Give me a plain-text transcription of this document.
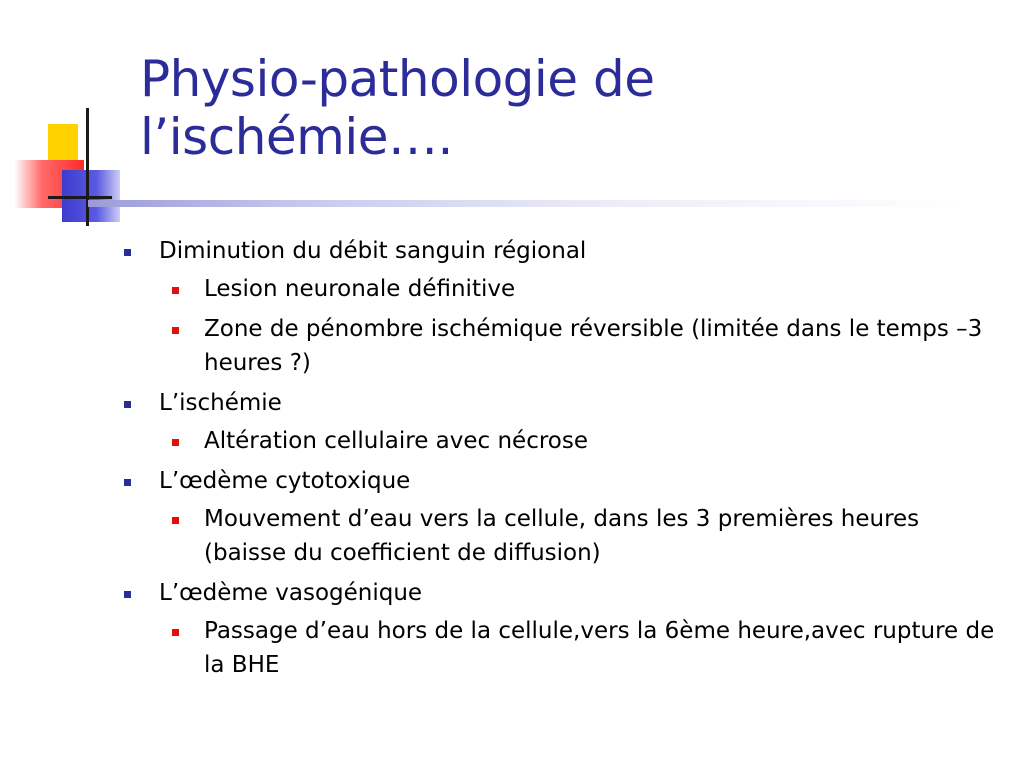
Physio-pathologie de
l’ischémie….
Diminution du débit sanguin régional
Lesion neuronale définitive
Zone de pénombre ischémique réversible (limitée dans le temps –3 heures ?)
L’ischémie
Altération cellulaire avec nécrose
L’œdème cytotoxique
Mouvement d’eau vers la cellule, dans les 3 premières heures (baisse du coefficient de diffusion)
L’œdème vasogénique
Passage d’eau hors de la cellule,vers la 6ème heure,avec rupture de la BHE
